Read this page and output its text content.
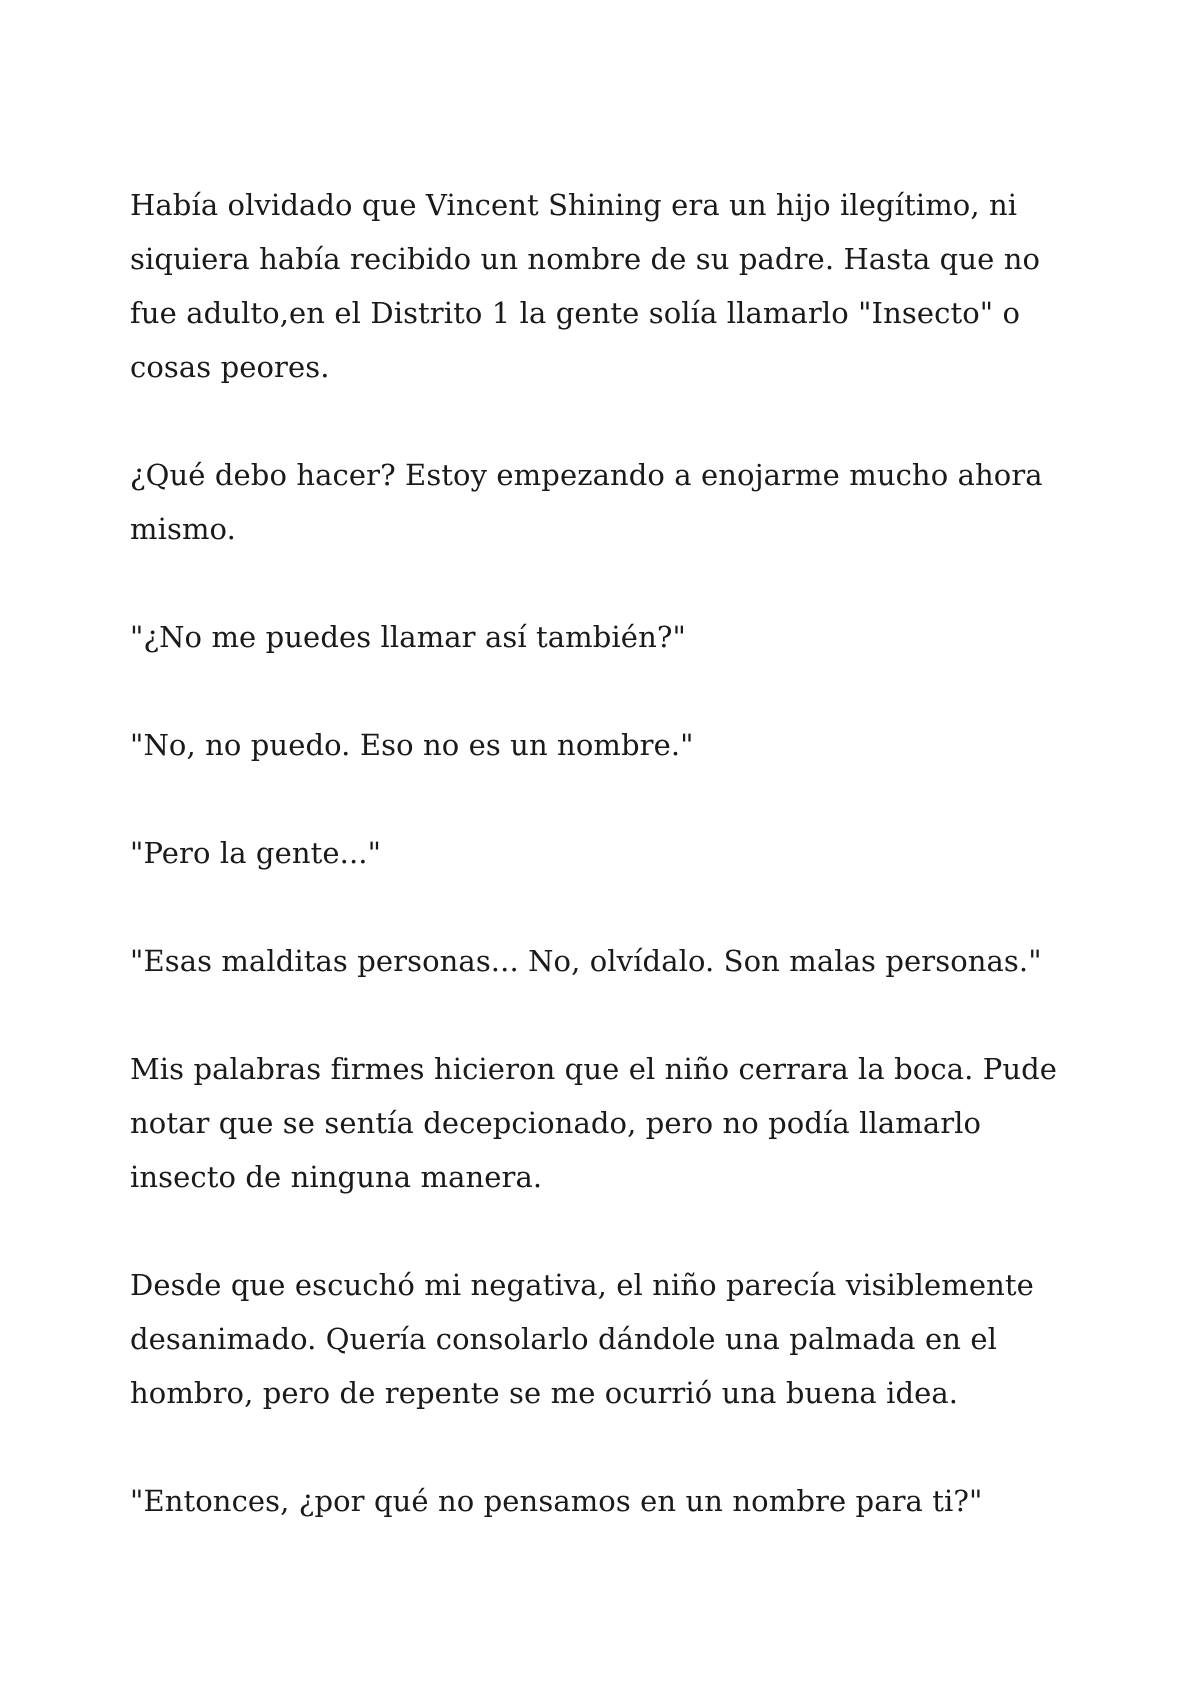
Había olvidado que Vincent Shining era un hijo ilegítimo, ni siquiera había recibido un nombre de su padre. Hasta que no fue adulto,en el Distrito 1 la gente solía llamarlo "Insecto" o cosas peores.

¿Qué debo hacer? Estoy empezando a enojarme mucho ahora mismo.

"¿No me puedes llamar así también?"

"No, no puedo. Eso no es un nombre."

"Pero la gente..."

"Esas malditas personas... No, olvídalo. Son malas personas."

Mis palabras firmes hicieron que el niño cerrara la boca. Pude notar que se sentía decepcionado, pero no podía llamarlo insecto de ninguna manera.

Desde que escuchó mi negativa, el niño parecía visiblemente desanimado. Quería consolarlo dándole una palmada en el hombro, pero de repente se me ocurrió una buena idea.

"Entonces, ¿por qué no pensamos en un nombre para ti?"
